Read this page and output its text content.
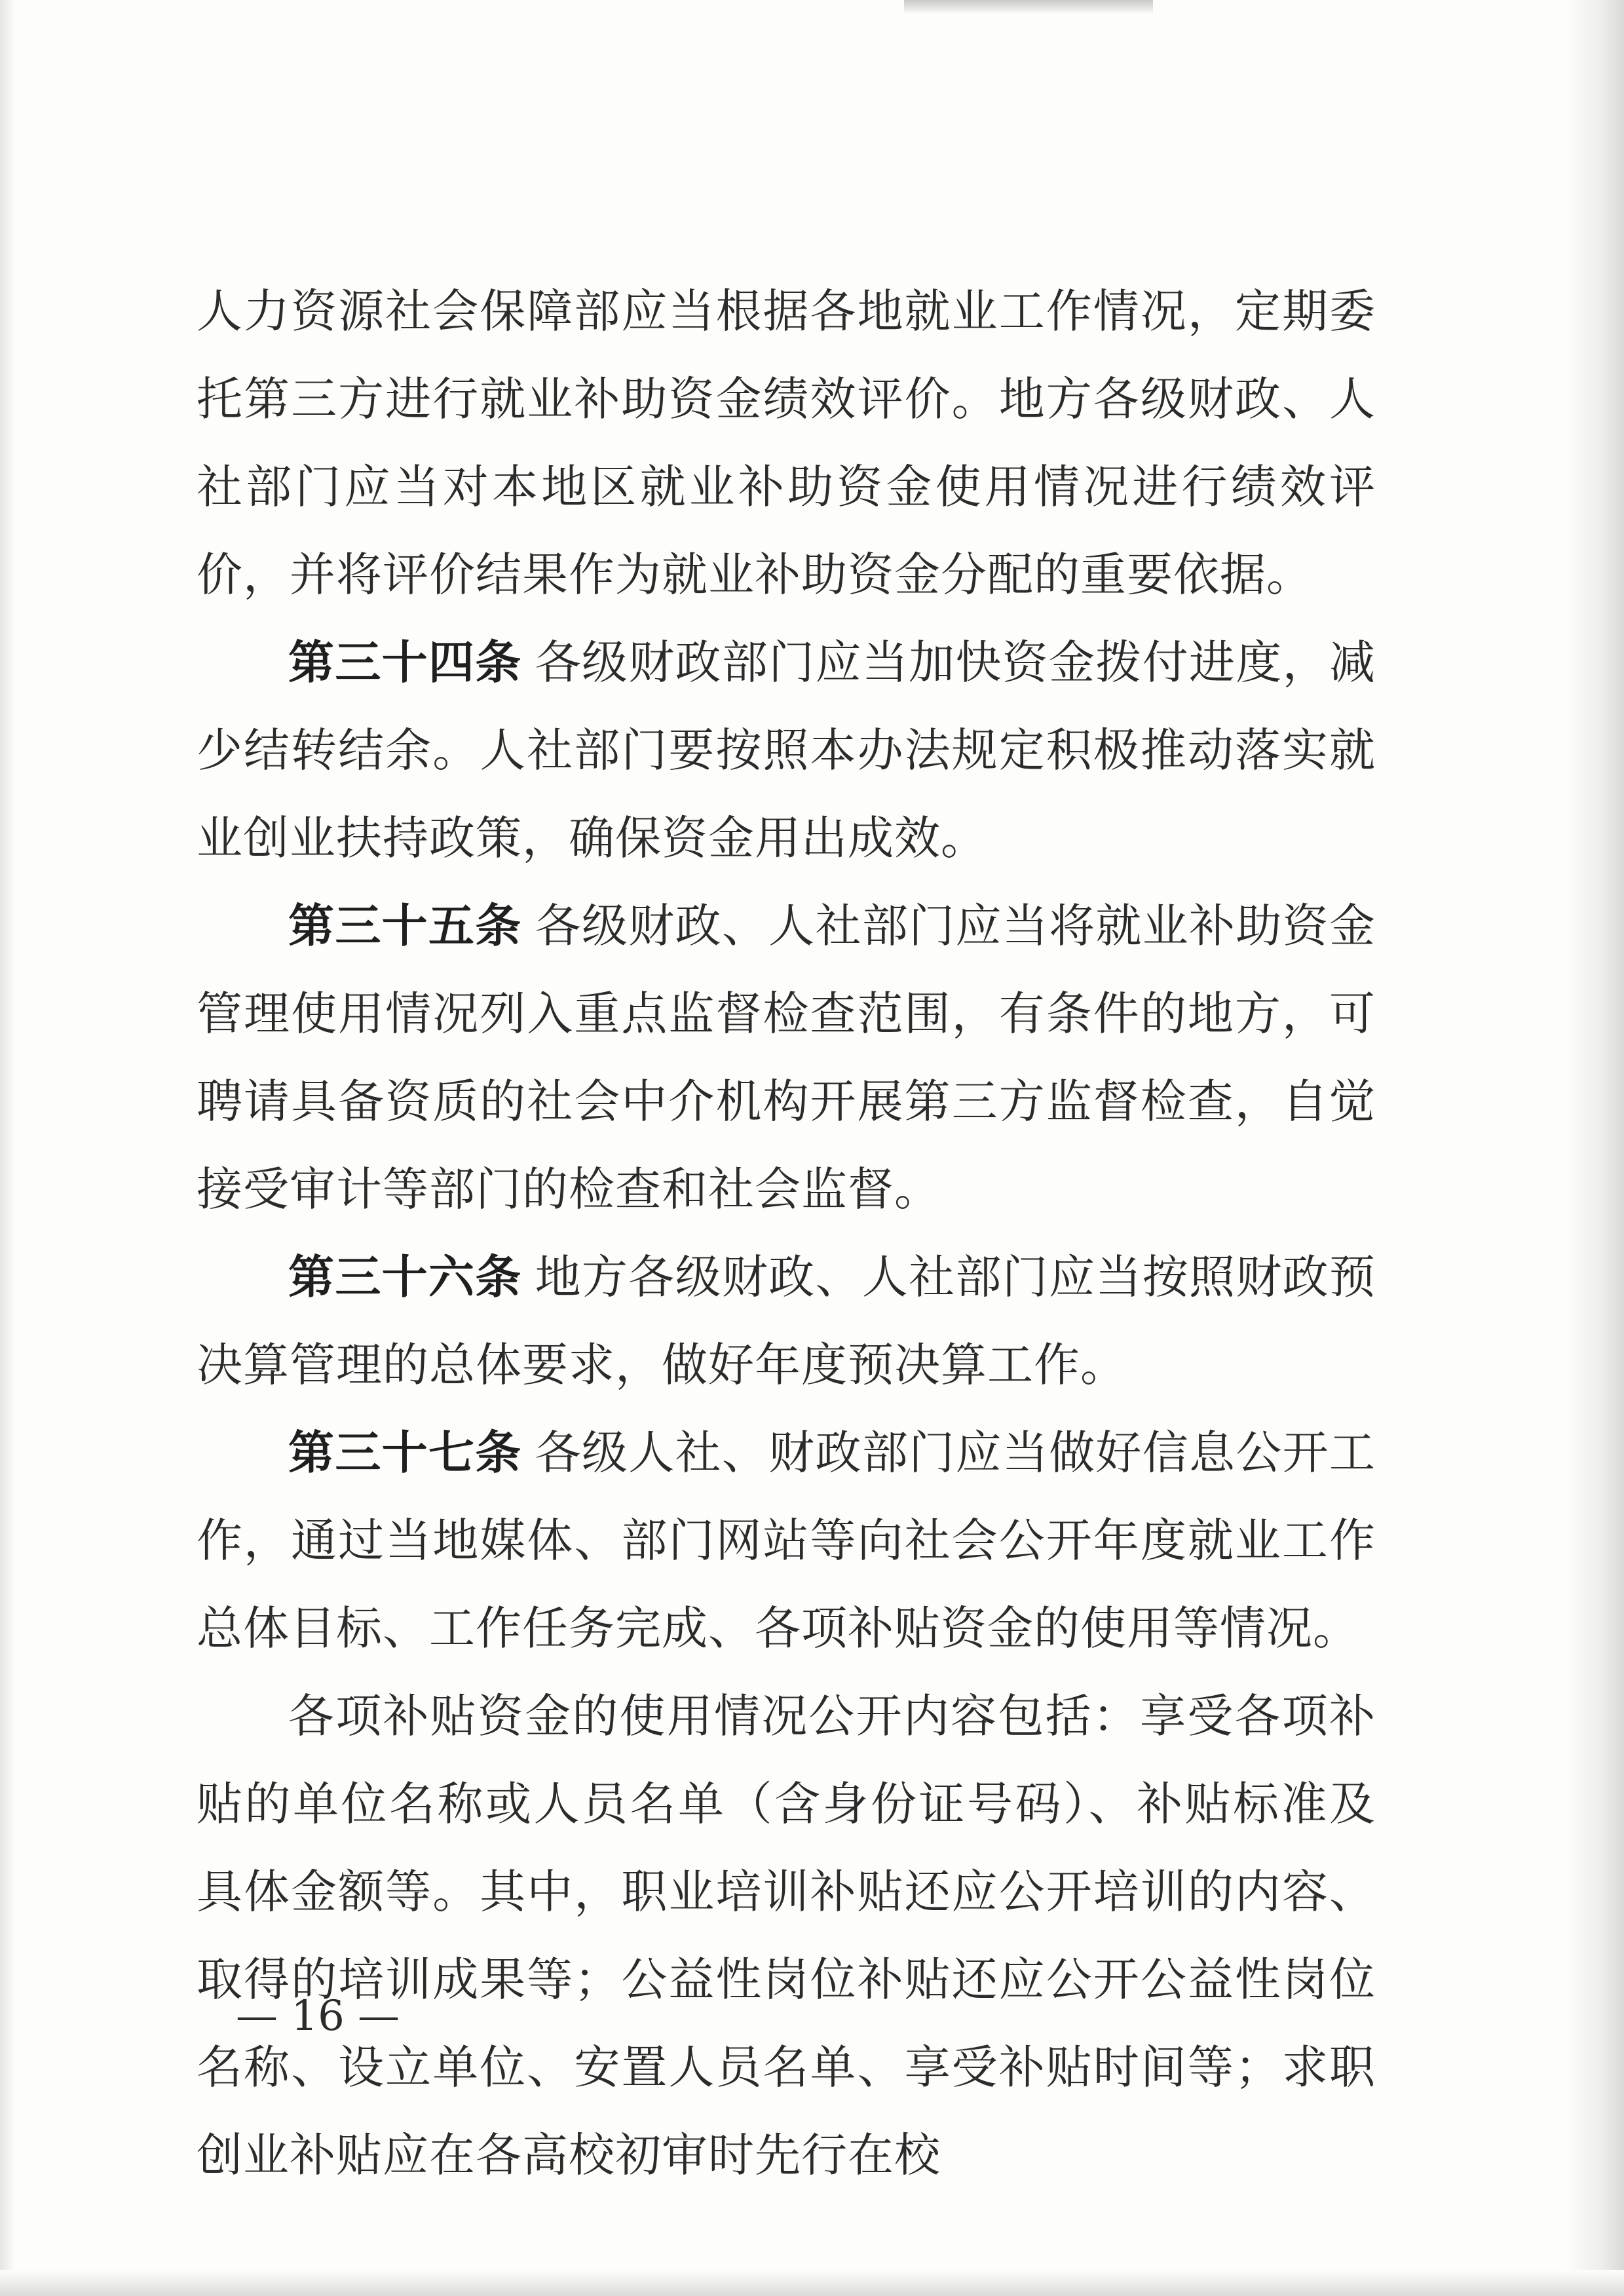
人力资源社会保障部应当根据各地就业工作情况，定期委托第三方进行就业补助资金绩效评价。地方各级财政、人社部门应当对本地区就业补助资金使用情况进行绩效评价，并将评价结果作为就业补助资金分配的重要依据。

第三十四条 各级财政部门应当加快资金拨付进度，减少结转结余。人社部门要按照本办法规定积极推动落实就业创业扶持政策，确保资金用出成效。

第三十五条 各级财政、人社部门应当将就业补助资金管理使用情况列入重点监督检查范围，有条件的地方，可聘请具备资质的社会中介机构开展第三方监督检查，自觉接受审计等部门的检查和社会监督。

第三十六条 地方各级财政、人社部门应当按照财政预决算管理的总体要求，做好年度预决算工作。

第三十七条 各级人社、财政部门应当做好信息公开工作，通过当地媒体、部门网站等向社会公开年度就业工作总体目标、工作任务完成、各项补贴资金的使用等情况。

各项补贴资金的使用情况公开内容包括：享受各项补贴的单位名称或人员名单（含身份证号码）、补贴标准及具体金额等。其中，职业培训补贴还应公开培训的内容、取得的培训成果等；公益性岗位补贴还应公开公益性岗位名称、设立单位、安置人员名单、享受补贴时间等；求职创业补贴应在各高校初审时先行在校

— 16 —
